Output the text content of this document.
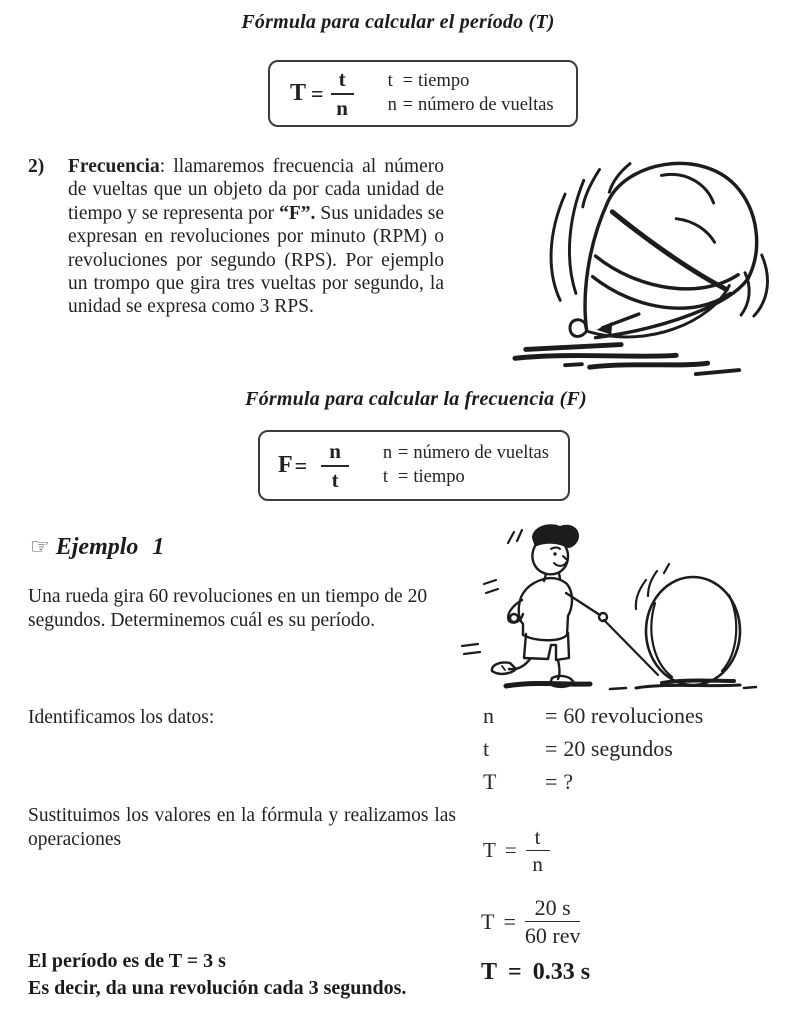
Fórmula para calcular el período (T)
$T = \frac{t}{n}$ t = tiempo
n = número de vueltas
2)	Frecuencia: llamaremos frecuencia al número de vueltas que un objeto da por cada unidad de tiempo y se representa por “F”. Sus unidades se expresan en revoluciones por minuto (RPM) o revoluciones por segundo (RPS). Por ejemplo un trompo que gira tres vueltas por segundo, la unidad se expresa como 3 RPS.
Fórmula para calcular la frecuencia (F)
$F = \frac{n}{t}$ n = número de vueltas
t = tiempo
☞ Ejemplo 1
Una rueda gira 60 revoluciones en un tiempo de 20 segundos. Determinemos cuál es su período.
Identificamos los datos:	n	= 60 revoluciones
t	= 20 segundos
T	= ?
Sustituimos los valores en la fórmula y realizamos las operaciones	$T = \frac{t}{n}$
$T = \frac{20 s}{\text{60 rev}}$
El período es de T = 3 s
Es decir, da una revolución cada 3 segundos.
T = 0.33 s
